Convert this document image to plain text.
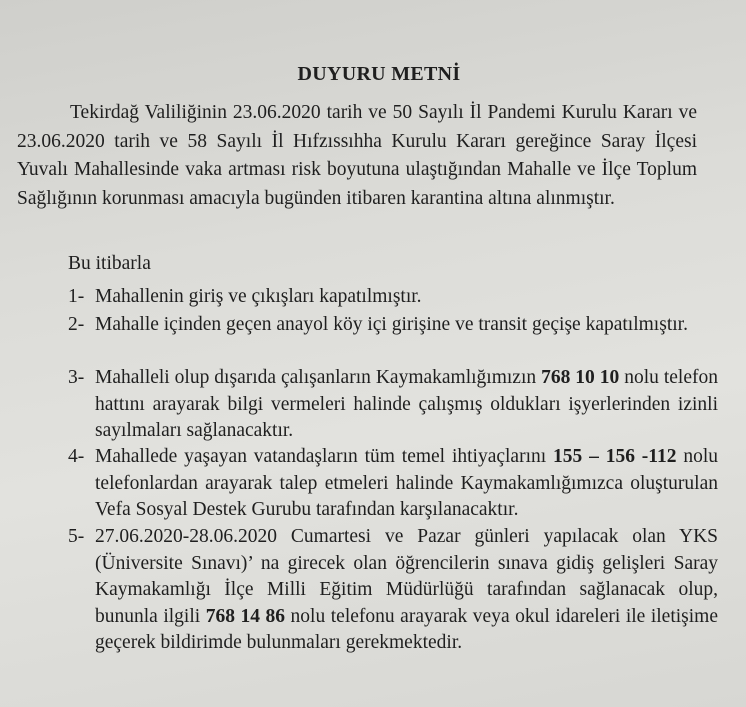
DUYURU METNİ
Tekirdağ Valiliğinin 23.06.2020 tarih ve 50 Sayılı İl Pandemi Kurulu Kararı ve 23.06.2020 tarih ve 58 Sayılı İl Hıfzıssıhha Kurulu Kararı gereğince Saray İlçesi Yuvalı Mahallesinde vaka artması risk boyutuna ulaştığından Mahalle ve İlçe Toplum Sağlığının korunması amacıyla bugünden itibaren karantina altına alınmıştır.
Bu itibarla
1- Mahallenin giriş ve çıkışları kapatılmıştır.
2- Mahalle içinden geçen anayol köy içi girişine ve transit geçişe kapatılmıştır.
3- Mahalleli olup dışarıda çalışanların Kaymakamlığımızın 768 10 10 nolu telefon hattını arayarak bilgi vermeleri halinde çalışmış oldukları işyerlerinden izinli sayılmaları sağlanacaktır.
4- Mahallede yaşayan vatandaşların tüm temel ihtiyaçlarını 155 – 156 -112 nolu telefonlardan arayarak talep etmeleri halinde Kaymakamlığımızca oluşturulan Vefa Sosyal Destek Gurubu tarafından karşılanacaktır.
5- 27.06.2020-28.06.2020 Cumartesi ve Pazar günleri yapılacak olan YKS (Üniversite Sınavı)’ na girecek olan öğrencilerin sınava gidiş gelişleri Saray Kaymakamlığı İlçe Milli Eğitim Müdürlüğü tarafından sağlanacak olup, bununla ilgili 768 14 86 nolu telefonu arayarak veya okul idareleri ile iletişime geçerek bildirimde bulunmaları gerekmektedir.
